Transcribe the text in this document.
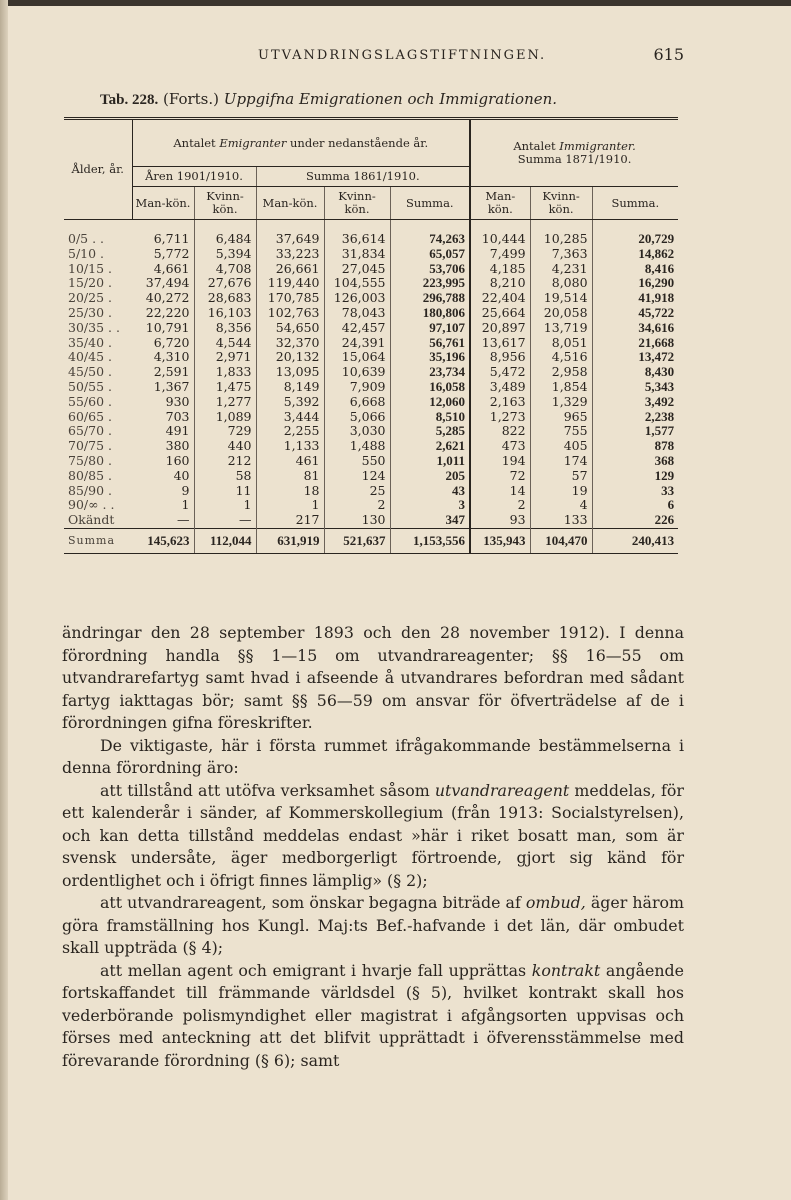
UTVANDRINGSLAGSTIFTNINGEN.	615
Tab. 228. (Forts.) Uppgifna Emigrationen och Immigrationen.
Ålder, år.	Antalet Emigranter under nedanstående år.					Antalet Immigranter.
Summa 1871/1910.		
	Åren 1901/1910.		Summa 1861/1910.					
	Man-kön.	Kvinn-kön.	Man-kön.	Kvinn-kön.	Summa.	Man-kön.	Kvinn-kön.	Summa.
0/5 . .	6,711	6,484	37,649	36,614	74,263	10,444	10,285	20,729
5/10 .	5,772	5,394	33,223	31,834	65,057	7,499	7,363	14,862
10/15 .	4,661	4,708	26,661	27,045	53,706	4,185	4,231	8,416
15/20 .	37,494	27,676	119,440	104,555	223,995	8,210	8,080	16,290
20/25 .	40,272	28,683	170,785	126,003	296,788	22,404	19,514	41,918
25/30 .	22,220	16,103	102,763	78,043	180,806	25,664	20,058	45,722
30/35 . .	10,791	8,356	54,650	42,457	97,107	20,897	13,719	34,616
35/40 .	6,720	4,544	32,370	24,391	56,761	13,617	8,051	21,668
40/45 .	4,310	2,971	20,132	15,064	35,196	8,956	4,516	13,472
45/50 .	2,591	1,833	13,095	10,639	23,734	5,472	2,958	8,430
50/55 .	1,367	1,475	8,149	7,909	16,058	3,489	1,854	5,343
55/60 .	930	1,277	5,392	6,668	12,060	2,163	1,329	3,492
60/65 .	703	1,089	3,444	5,066	8,510	1,273	965	2,238
65/70 .	491	729	2,255	3,030	5,285	822	755	1,577
70/75 .	380	440	1,133	1,488	2,621	473	405	878
75/80 .	160	212	461	550	1,011	194	174	368
80/85 .	40	58	81	124	205	72	57	129
85/90 .	9	11	18	25	43	14	19	33
90/∞ . .	1	1	1	2	3	2	4	6
Okändt	—	—	217	130	347	93	133	226
Summa	145,623	112,044	631,919	521,637	1,153,556	135,943	104,470	240,413

ändringar den 28 september 1893 och den 28 november 1912). I denna förordning handla §§ 1—15 om utvandrareagenter; §§ 16—55 om utvandrarefartyg samt hvad i afseende å utvandrares befordran med sådant fartyg iakttagas bör; samt §§ 56—59 om ansvar för öfverträdelse af de i förordningen gifna föreskrifter.

De viktigaste, här i första rummet ifrågakommande bestämmelserna i denna förordning äro:

att tillstånd att utöfva verksamhet såsom utvandrareagent meddelas, för ett kalenderår i sänder, af Kommerskollegium (från 1913: Socialstyrelsen), och kan detta tillstånd meddelas endast »här i riket bosatt man, som är svensk undersåte, äger medborgerligt förtroende, gjort sig känd för ordentlighet och i öfrigt finnes lämplig» (§ 2);

att utvandrareagent, som önskar begagna biträde af ombud, äger härom göra framställning hos Kungl. Maj:ts Bef.-hafvande i det län, där ombudet skall uppträda (§ 4);

att mellan agent och emigrant i hvarje fall upprättas kontrakt angående fortskaffandet till främmande världsdel (§ 5), hvilket kontrakt skall hos vederbörande polismyndighet eller magistrat i afgångsorten uppvisas och förses med anteckning att det blifvit upprättadt i öfverensstämmelse med förevarande förordning (§ 6); samt
